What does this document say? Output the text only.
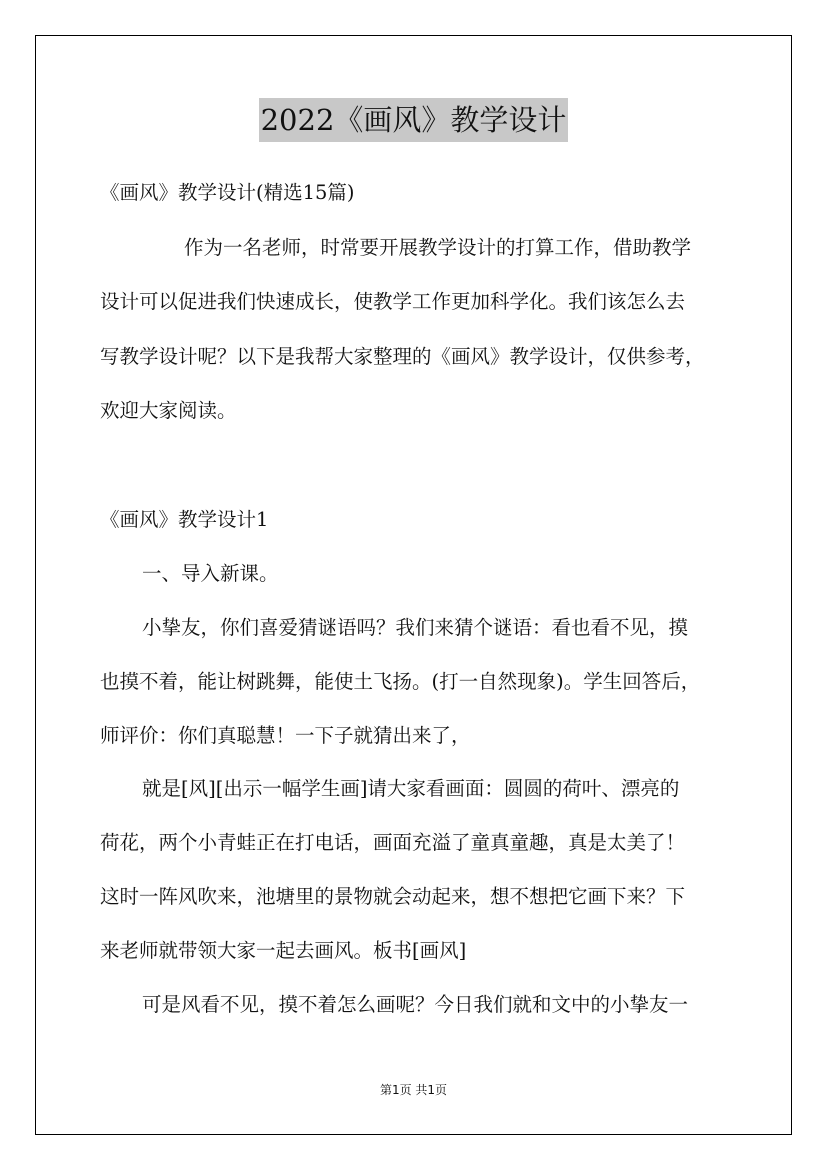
2022《画风》教学设计
《画风》教学设计(精选15篇)
作为一名老师，时常要开展教学设计的打算工作，借助教学
设计可以促进我们快速成长，使教学工作更加科学化。我们该怎么去
写教学设计呢？以下是我帮大家整理的《画风》教学设计，仅供参考，
欢迎大家阅读。
《画风》教学设计1
一、导入新课。
小挚友，你们喜爱猜谜语吗？我们来猜个谜语：看也看不见，摸
也摸不着，能让树跳舞，能使土飞扬。(打一自然现象)。学生回答后，
师评价：你们真聪慧！一下子就猜出来了，
就是[风][出示一幅学生画]请大家看画面：圆圆的荷叶、漂亮的
荷花，两个小青蛙正在打电话，画面充溢了童真童趣，真是太美了！
这时一阵风吹来，池塘里的景物就会动起来，想不想把它画下来？下
来老师就带领大家一起去画风。板书[画风]
可是风看不见，摸不着怎么画呢？今日我们就和文中的小挚友一
第1页 共1页
